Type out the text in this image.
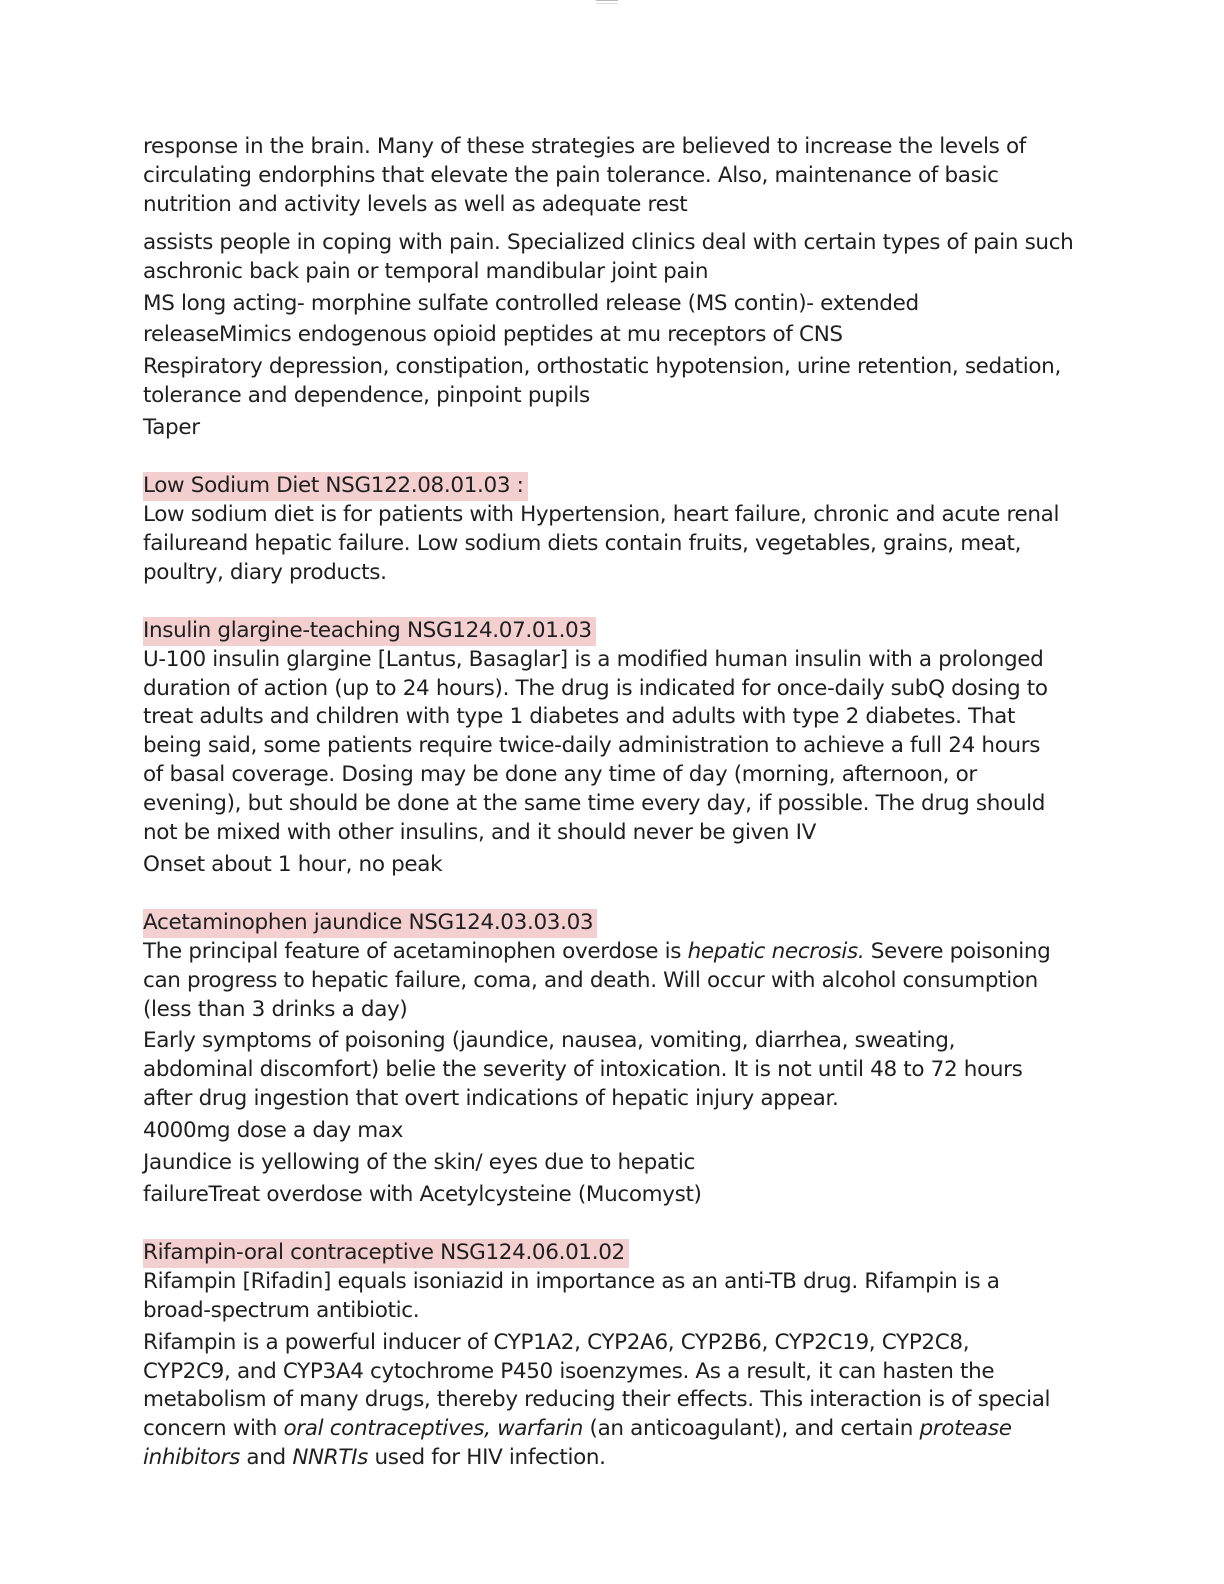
response in the brain. Many of these strategies are believed to increase the levels of
circulating endorphins that elevate the pain tolerance. Also, maintenance of basic
nutrition and activity levels as well as adequate rest

assists people in coping with pain. Specialized clinics deal with certain types of pain such
aschronic back pain or temporal mandibular joint pain

MS long acting- morphine sulfate controlled release (MS contin)- extended

releaseMimics endogenous opioid peptides at mu receptors of CNS

Respiratory depression, constipation, orthostatic hypotension, urine retention, sedation,
tolerance and dependence, pinpoint pupils

Taper

Low Sodium Diet NSG122.08.01.03 :

Low sodium diet is for patients with Hypertension, heart failure, chronic and acute renal
failureand hepatic failure. Low sodium diets contain fruits, vegetables, grains, meat,
poultry, diary products.

Insulin glargine-teaching NSG124.07.01.03

U-100 insulin glargine [Lantus, Basaglar] is a modified human insulin with a prolonged
duration of action (up to 24 hours). The drug is indicated for once-daily subQ dosing to
treat adults and children with type 1 diabetes and adults with type 2 diabetes. That
being said, some patients require twice-daily administration to achieve a full 24 hours
of basal coverage. Dosing may be done any time of day (morning, afternoon, or
evening), but should be done at the same time every day, if possible. The drug should
not be mixed with other insulins, and it should never be given IV

Onset about 1 hour, no peak

Acetaminophen jaundice NSG124.03.03.03

The principal feature of acetaminophen overdose is hepatic necrosis. Severe poisoning
can progress to hepatic failure, coma, and death. Will occur with alcohol consumption
(less than 3 drinks a day)

Early symptoms of poisoning (jaundice, nausea, vomiting, diarrhea, sweating,
abdominal discomfort) belie the severity of intoxication. It is not until 48 to 72 hours
after drug ingestion that overt indications of hepatic injury appear.

4000mg dose a day max

Jaundice is yellowing of the skin/ eyes due to hepatic

failureTreat overdose with Acetylcysteine (Mucomyst)

Rifampin-oral contraceptive NSG124.06.01.02

Rifampin [Rifadin] equals isoniazid in importance as an anti-TB drug. Rifampin is a
broad-spectrum antibiotic.

Rifampin is a powerful inducer of CYP1A2, CYP2A6, CYP2B6, CYP2C19, CYP2C8,
CYP2C9, and CYP3A4 cytochrome P450 isoenzymes. As a result, it can hasten the
metabolism of many drugs, thereby reducing their effects. This interaction is of special
concern with oral contraceptives, warfarin (an anticoagulant), and certain protease
inhibitors and NNRTIs used for HIV infection.
